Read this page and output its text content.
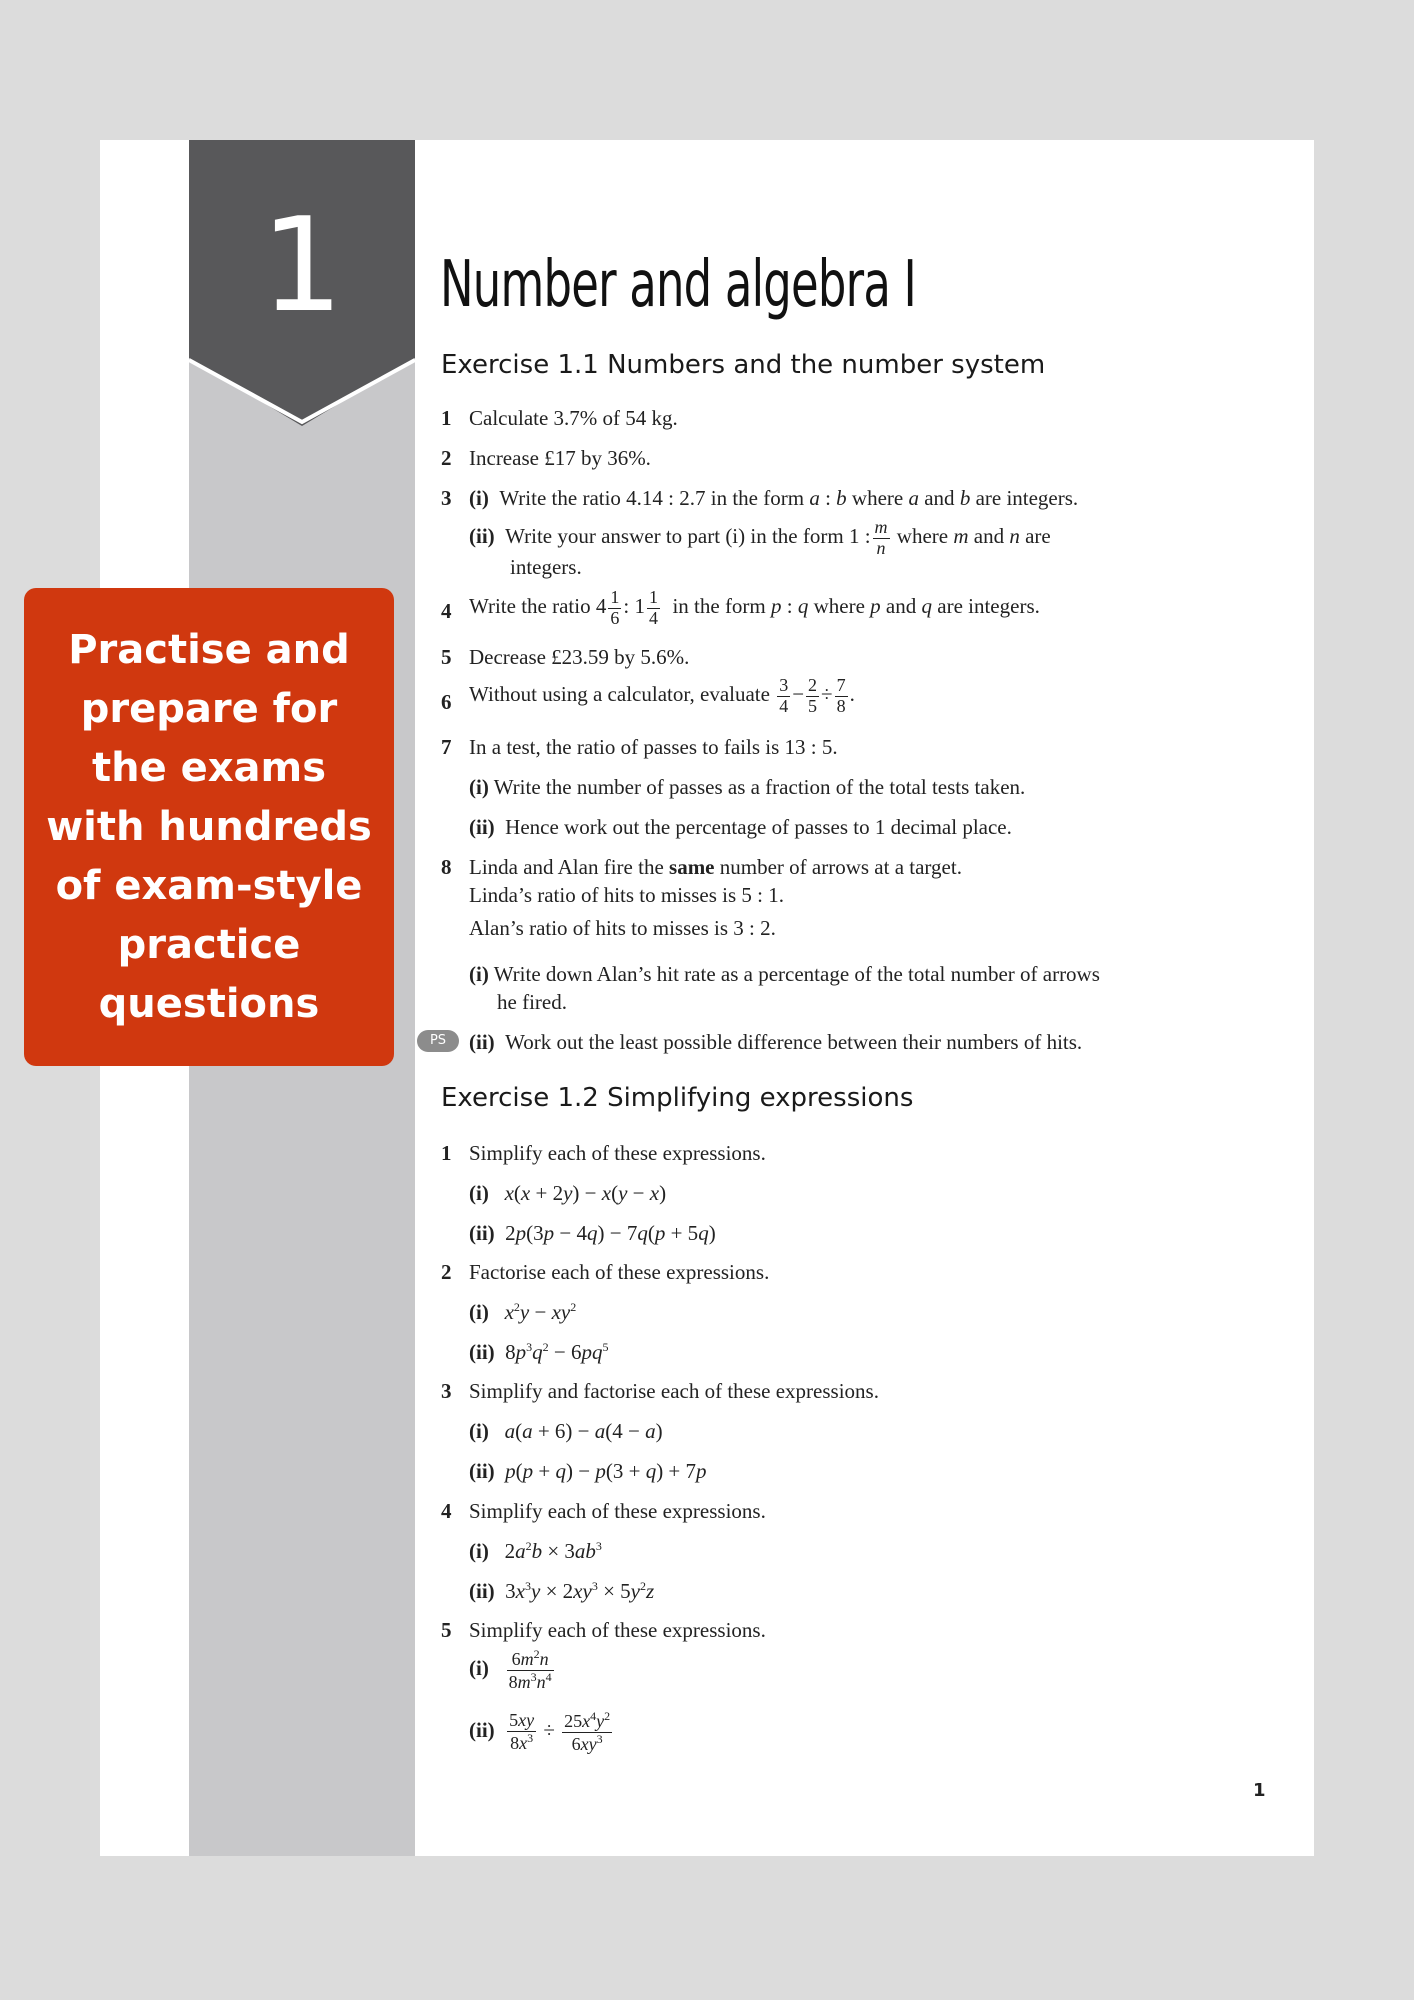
1
Practise and prepare for the exams with hundreds of exam-style practice questions
Number and algebra I
Exercise 1.1 Numbers and the number system
1 Calculate 3.7% of 54 kg.
2 Increase £17 by 36%.
3 (i) Write the ratio 4.14 : 2.7 in the form a : b where a and b are integers.
(ii) Write your answer to part (i) in the form 1 : $\frac{m}{n}$ where m and n are
integers.
4 Write the ratio $4 \frac{1}{6}$ : $1 \frac{1}{4}$ in the form p : q where p and q are integers.
5 Decrease £23.59 by 5.6%.
6 Without using a calculator, evaluate $\frac{3}{4} - \frac{2}{5} \div \frac{7}{8}$ .
7 In a test, the ratio of passes to fails is 13 : 5.
(i) Write the number of passes as a fraction of the total tests taken.
(ii) Hence work out the percentage of passes to 1 decimal place.
8 Linda and Alan fire the same number of arrows at a target.
Linda’s ratio of hits to misses is 5 : 1.
Alan’s ratio of hits to misses is 3 : 2.
(i) Write down Alan’s hit rate as a percentage of the total number of arrows
he fired.
PS	(ii) Work out the least possible difference between their numbers of hits.
Exercise 1.2 Simplifying expressions
1 Simplify each of these expressions.
(i) x(x + 2y) − x(y − x)
(ii)  2p(3p − 4q) − 7q(p + 5q)
2 Factorise each of these expressions.
(i) $x^2y - xy^2$
(ii)  $8p^3q^2 - 6pq^5$
3 Simplify and factorise each of these expressions.
(i) a(a + 6) − a(4 − a)
(ii) p(p + q) − p(3 + q) + 7p
4 Simplify each of these expressions.
(i)   $2a^2b \times 3ab^3$
(ii)  $3x^3y \times 2xy^3 \times 5y^2z$
5 Simplify each of these expressions.
$(i) \frac{6m^2n}{8m^3n^4}$
$(ii) \frac{5xy}{8x^3} \div \frac{25x^4y^2}{6xy^3}$
1
